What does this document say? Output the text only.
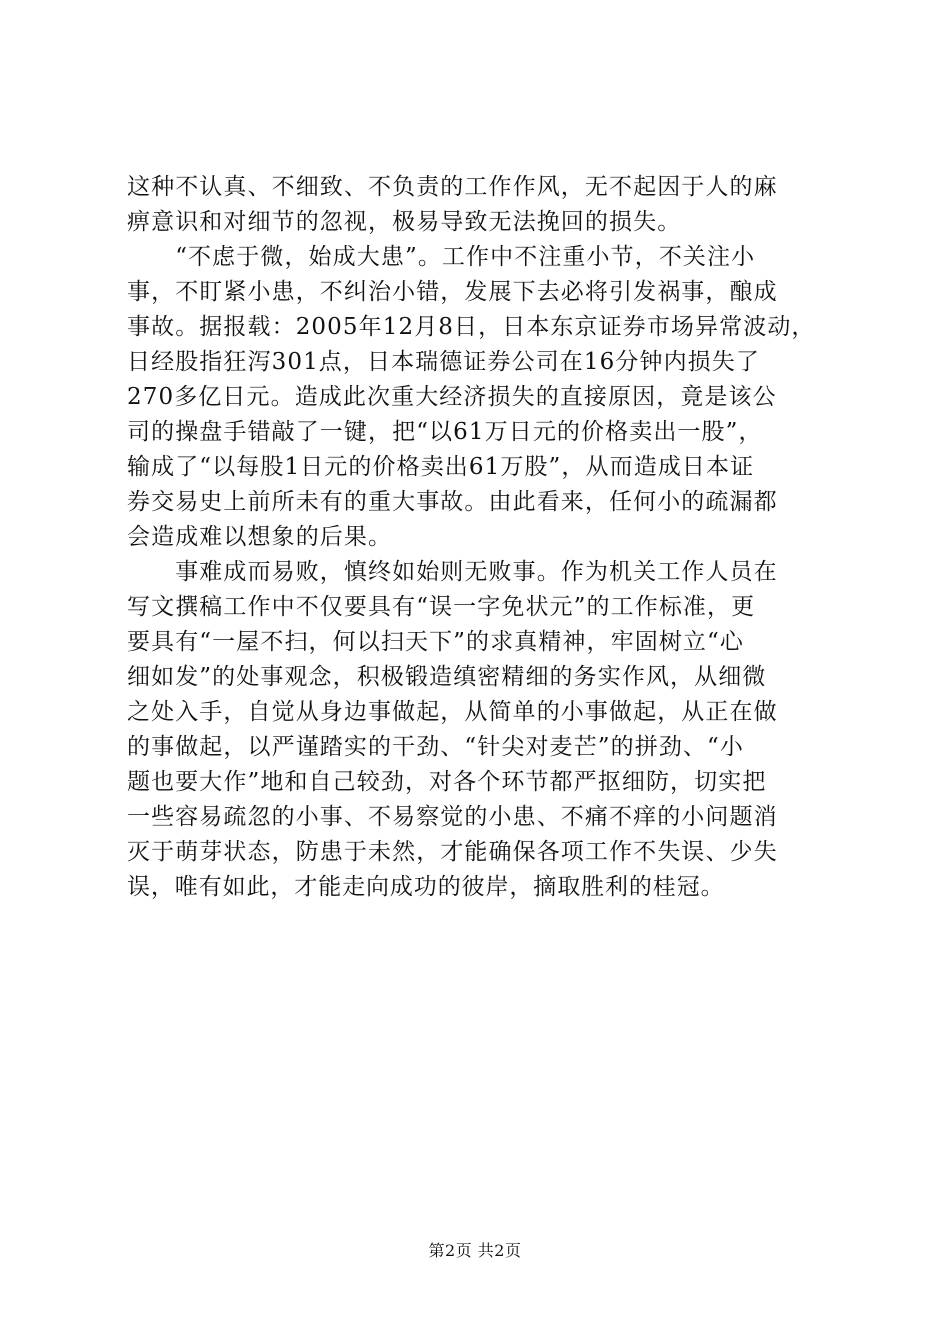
这种不认真、不细致、不负责的工作作风，无不起因于人的麻
痹意识和对细节的忽视，极易导致无法挽回的损失。
　　“不虑于微，始成大患”。工作中不注重小节，不关注小
事，不盯紧小患，不纠治小错，发展下去必将引发祸事，酿成
事故。据报载：2005年12月8日，日本东京证券市场异常波动，
日经股指狂泻301点，日本瑞德证券公司在16分钟内损失了
270多亿日元。造成此次重大经济损失的直接原因，竟是该公
司的操盘手错敲了一键，把“以61万日元的价格卖出一股”，
输成了“以每股1日元的价格卖出61万股”，从而造成日本证
券交易史上前所未有的重大事故。由此看来，任何小的疏漏都
会造成难以想象的后果。
　　事难成而易败，慎终如始则无败事。作为机关工作人员在
写文撰稿工作中不仅要具有“误一字免状元”的工作标准，更
要具有“一屋不扫，何以扫天下”的求真精神，牢固树立“心
细如发”的处事观念，积极锻造缜密精细的务实作风，从细微
之处入手，自觉从身边事做起，从简单的小事做起，从正在做
的事做起，以严谨踏实的干劲、“针尖对麦芒”的拼劲、“小
题也要大作”地和自己较劲，对各个环节都严抠细防，切实把
一些容易疏忽的小事、不易察觉的小患、不痛不痒的小问题消
灭于萌芽状态，防患于未然，才能确保各项工作不失误、少失
误，唯有如此，才能走向成功的彼岸，摘取胜利的桂冠。
第2页 共2页
